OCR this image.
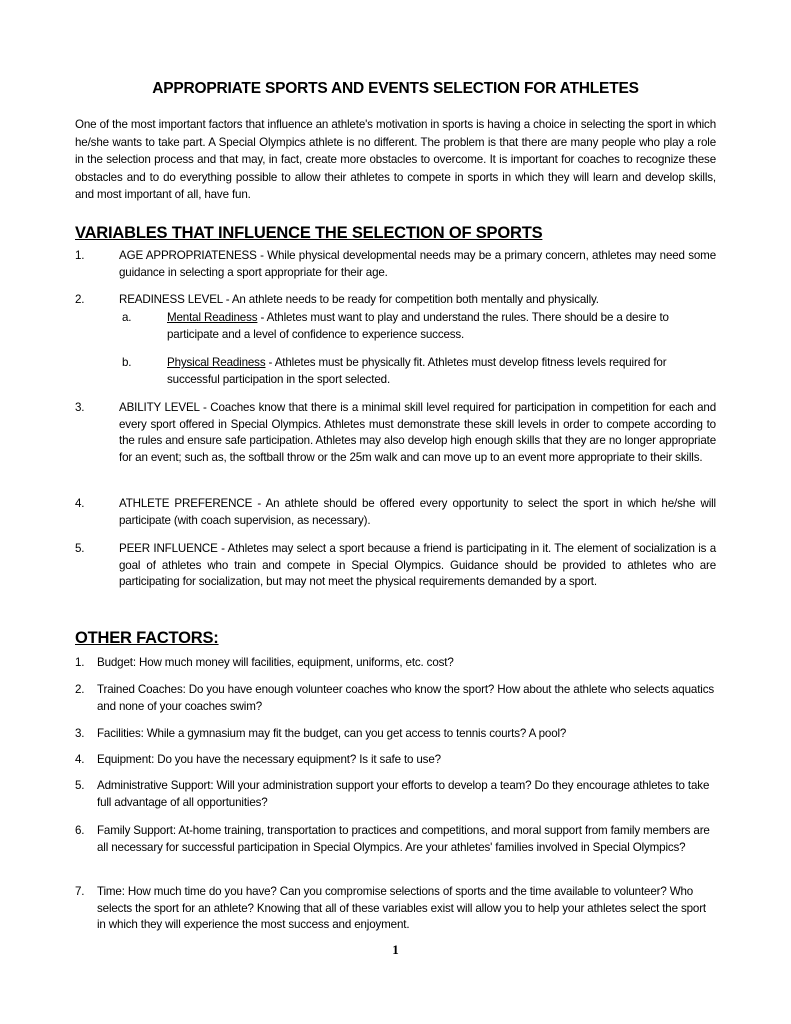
APPROPRIATE SPORTS AND EVENTS SELECTION FOR ATHLETES
One of the most important factors that influence an athlete's motivation in sports is having a choice in selecting the sport in which he/she wants to take part. A Special Olympics athlete is no different. The problem is that there are many people who play a role in the selection process and that may, in fact, create more obstacles to overcome. It is important for coaches to recognize these obstacles and to do everything possible to allow their athletes to compete in sports in which they will learn and develop skills, and most important of all, have fun.
VARIABLES THAT INFLUENCE THE SELECTION OF SPORTS
1.	AGE APPROPRIATENESS - While physical developmental needs may be a primary concern, athletes may need some guidance in selecting a sport appropriate for their age.
2.	READINESS LEVEL - An athlete needs to be ready for competition both mentally and physically.
a.	Mental Readiness - Athletes must want to play and understand the rules. There should be a desire to participate and a level of confidence to experience success.
b.	Physical Readiness - Athletes must be physically fit. Athletes must develop fitness levels required for successful participation in the sport selected.
3.	ABILITY LEVEL - Coaches know that there is a minimal skill level required for participation in competition for each and every sport offered in Special Olympics. Athletes must demonstrate these skill levels in order to compete according to the rules and ensure safe participation. Athletes may also develop high enough skills that they are no longer appropriate for an event; such as, the softball throw or the 25m walk and can move up to an event more appropriate to their skills.
4.	ATHLETE PREFERENCE - An athlete should be offered every opportunity to select the sport in which he/she will participate (with coach supervision, as necessary).
5.	PEER INFLUENCE - Athletes may select a sport because a friend is participating in it. The element of socialization is a goal of athletes who train and compete in Special Olympics. Guidance should be provided to athletes who are participating for socialization, but may not meet the physical requirements demanded by a sport.
OTHER FACTORS:
1. Budget: How much money will facilities, equipment, uniforms, etc. cost?
2. Trained Coaches: Do you have enough volunteer coaches who know the sport? How about the athlete who selects aquatics and none of your coaches swim?
3. Facilities: While a gymnasium may fit the budget, can you get access to tennis courts? A pool?
4. Equipment: Do you have the necessary equipment? Is it safe to use?
5. Administrative Support: Will your administration support your efforts to develop a team? Do they encourage athletes to take full advantage of all opportunities?
6. Family Support: At-home training, transportation to practices and competitions, and moral support from family members are all necessary for successful participation in Special Olympics. Are your athletes' families involved in Special Olympics?
7. Time: How much time do you have? Can you compromise selections of sports and the time available to volunteer? Who selects the sport for an athlete? Knowing that all of these variables exist will allow you to help your athletes select the sport in which they will experience the most success and enjoyment.
1
